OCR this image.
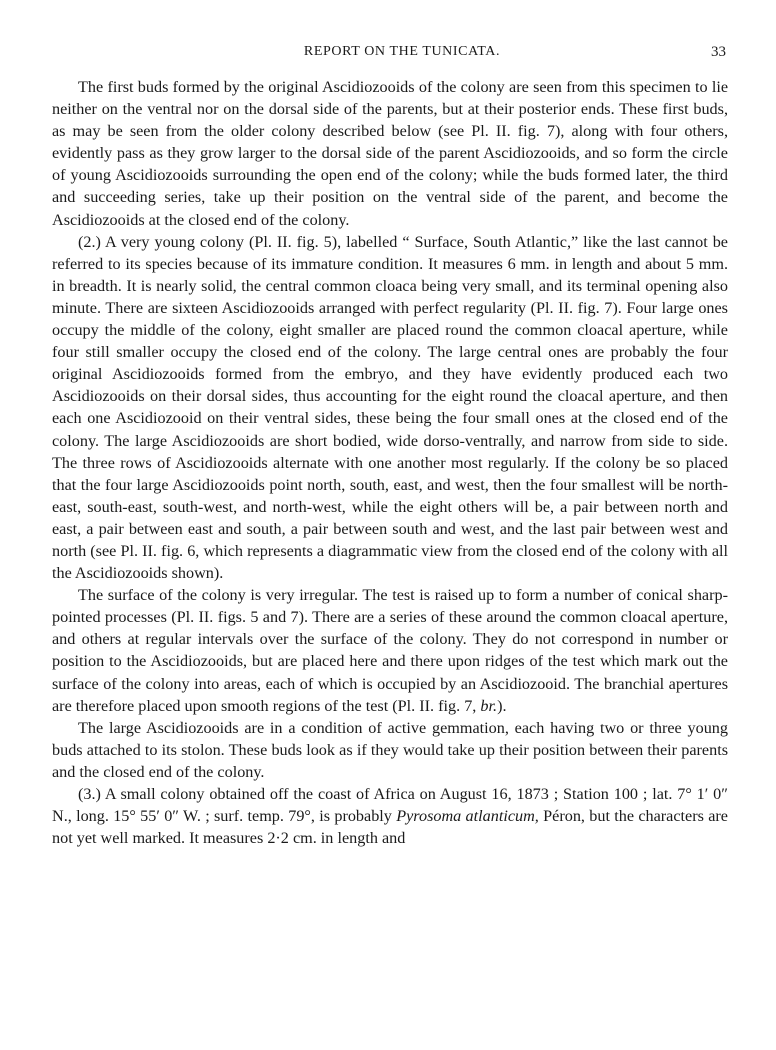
REPORT ON THE TUNICATA.	33

The first buds formed by the original Ascidiozooids of the colony are seen from this specimen to lie neither on the ventral nor on the dorsal side of the parents, but at their posterior ends. These first buds, as may be seen from the older colony described below (see Pl. II. fig. 7), along with four others, evidently pass as they grow larger to the dorsal side of the parent Ascidiozooids, and so form the circle of young Ascidiozooids surrounding the open end of the colony; while the buds formed later, the third and succeeding series, take up their position on the ventral side of the parent, and become the Ascidiozooids at the closed end of the colony.

(2.) A very young colony (Pl. II. fig. 5), labelled “ Surface, South Atlantic,” like the last cannot be referred to its species because of its immature condition. It measures 6 mm. in length and about 5 mm. in breadth. It is nearly solid, the central common cloaca being very small, and its terminal opening also minute. There are sixteen Ascidiozooids arranged with perfect regularity (Pl. II. fig. 7). Four large ones occupy the middle of the colony, eight smaller are placed round the common cloacal aperture, while four still smaller occupy the closed end of the colony. The large central ones are probably the four original Ascidiozooids formed from the embryo, and they have evidently produced each two Ascidiozooids on their dorsal sides, thus accounting for the eight round the cloacal aperture, and then each one Ascidiozooid on their ventral sides, these being the four small ones at the closed end of the colony. The large Ascidiozooids are short bodied, wide dorso-ventrally, and narrow from side to side. The three rows of Ascidiozooids alternate with one another most regularly. If the colony be so placed that the four large Ascidiozooids point north, south, east, and west, then the four smallest will be north-east, south-east, south-west, and north-west, while the eight others will be, a pair between north and east, a pair between east and south, a pair between south and west, and the last pair between west and north (see Pl. II. fig. 6, which represents a diagrammatic view from the closed end of the colony with all the Ascidiozooids shown).

The surface of the colony is very irregular. The test is raised up to form a number of conical sharp-pointed processes (Pl. II. figs. 5 and 7). There are a series of these around the common cloacal aperture, and others at regular intervals over the surface of the colony. They do not correspond in number or position to the Ascidiozooids, but are placed here and there upon ridges of the test which mark out the surface of the colony into areas, each of which is occupied by an Ascidiozooid. The branchial apertures are therefore placed upon smooth regions of the test (Pl. II. fig. 7, br.).

The large Ascidiozooids are in a condition of active gemmation, each having two or three young buds attached to its stolon. These buds look as if they would take up their position between their parents and the closed end of the colony.

(3.) A small colony obtained off the coast of Africa on August 16, 1873 ; Station 100 ; lat. 7° 1′ 0″ N., long. 15° 55′ 0″ W. ; surf. temp. 79°, is probably Pyrosoma atlanticum, Péron, but the characters are not yet well marked. It measures 2·2 cm. in length and
